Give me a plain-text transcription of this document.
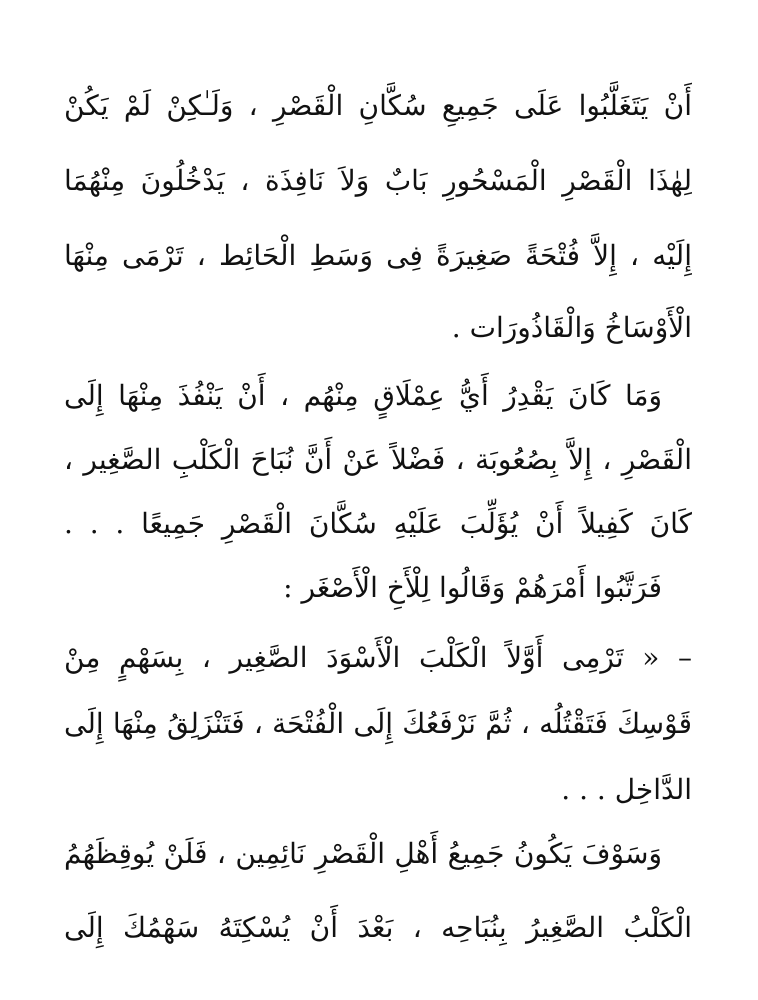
أَنْ يَتَغَلَّبُوا عَلَى جَمِيعِ سُكَّانِ الْقَصْرِ ، وَلَـٰكِنْ لَمْ يَكُنْ
لِهٰذَا الْقَصْرِ الْمَسْحُورِ بَابٌ وَلاَ نَافِذَة ، يَدْخُلُونَ مِنْهُمَا
إِلَيْه ، إِلاَّ فُتْحَةً صَغِيرَةً فِى وَسَطِ الْحَائِط ، تَرْمَى مِنْهَا
الْأَوْسَاخُ وَالْقَاذُورَات .
وَمَا كَانَ يَقْدِرُ أَيُّ عِمْلَاقٍ مِنْهُم ، أَنْ يَنْفُذَ مِنْهَا إِلَى
الْقَصْرِ ، إِلاَّ بِصُعُوبَة ، فَضْلاً عَنْ أَنَّ نُبَاحَ الْكَلْبِ الصَّغِير ،
كَانَ كَفِيلاً أَنْ يُؤَلِّبَ عَلَيْهِ سُكَّانَ الْقَصْرِ جَمِيعًا . . .
فَرَتَّبُوا أَمْرَهُمْ وَقَالُوا لِلْأَخِ الْأَصْغَر :
– « تَرْمِى أَوَّلاً الْكَلْبَ الْأَسْوَدَ الصَّغِير ، بِسَهْمٍ مِنْ
قَوْسِكَ فَتَقْتُلُه ، ثُمَّ نَرْفَعُكَ إِلَى الْفُتْحَة ، فَتَنْزَلِقُ مِنْهَا إِلَى
الدَّاخِل . . .
وَسَوْفَ يَكُونُ جَمِيعُ أَهْلِ الْقَصْرِ نَائِمِين ، فَلَنْ يُوقِظَهُمُ
الْكَلْبُ الصَّغِيرُ بِنُبَاحِه ، بَعْدَ أَنْ يُسْكِتَهُ سَهْمُكَ إِلَى
